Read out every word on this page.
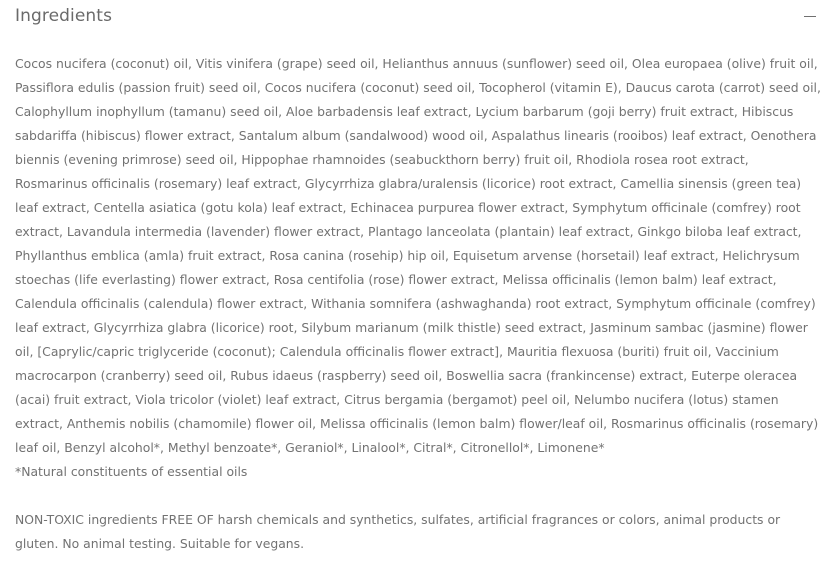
Ingredients

Cocos nucifera (coconut) oil, Vitis vinifera (grape) seed oil, Helianthus annuus (sunflower) seed oil, Olea europaea (olive) fruit oil, Passiflora edulis (passion fruit) seed oil, Cocos nucifera (coconut) seed oil, Tocopherol (vitamin E), Daucus carota (carrot) seed oil, Calophyllum inophyllum (tamanu) seed oil, Aloe barbadensis leaf extract, Lycium barbarum (goji berry) fruit extract, Hibiscus sabdariffa (hibiscus) flower extract, Santalum album (sandalwood) wood oil, Aspalathus linearis (rooibos) leaf extract, Oenothera biennis (evening primrose) seed oil, Hippophae rhamnoides (seabuckthorn berry) fruit oil, Rhodiola rosea root extract, Rosmarinus officinalis (rosemary) leaf extract, Glycyrrhiza glabra/uralensis (licorice) root extract, Camellia sinensis (green tea) leaf extract, Centella asiatica (gotu kola) leaf extract, Echinacea purpurea flower extract, Symphytum officinale (comfrey) root extract, Lavandula intermedia (lavender) flower extract, Plantago lanceolata (plantain) leaf extract, Ginkgo biloba leaf extract, Phyllanthus emblica (amla) fruit extract, Rosa canina (rosehip) hip oil, Equisetum arvense (horsetail) leaf extract, Helichrysum stoechas (life everlasting) flower extract, Rosa centifolia (rose) flower extract, Melissa officinalis (lemon balm) leaf extract, Calendula officinalis (calendula) flower extract, Withania somnifera (ashwaghanda) root extract, Symphytum officinale (comfrey) leaf extract, Glycyrrhiza glabra (licorice) root, Silybum marianum (milk thistle) seed extract, Jasminum sambac (jasmine) flower oil, [Caprylic/capric triglyceride (coconut); Calendula officinalis flower extract], Mauritia flexuosa (buriti) fruit oil, Vaccinium macrocarpon (cranberry) seed oil, Rubus idaeus (raspberry) seed oil, Boswellia sacra (frankincense) extract, Euterpe oleracea (acai) fruit extract, Viola tricolor (violet) leaf extract, Citrus bergamia (bergamot) peel oil, Nelumbo nucifera (lotus) stamen extract, Anthemis nobilis (chamomile) flower oil, Melissa officinalis (lemon balm) flower/leaf oil, Rosmarinus officinalis (rosemary) leaf oil, Benzyl alcohol*, Methyl benzoate*, Geraniol*, Linalool*, Citral*, Citronellol*, Limonene*

*Natural constituents of essential oils

NON-TOXIC ingredients FREE OF harsh chemicals and synthetics, sulfates, artificial fragrances or colors, animal products or gluten. No animal testing. Suitable for vegans.
